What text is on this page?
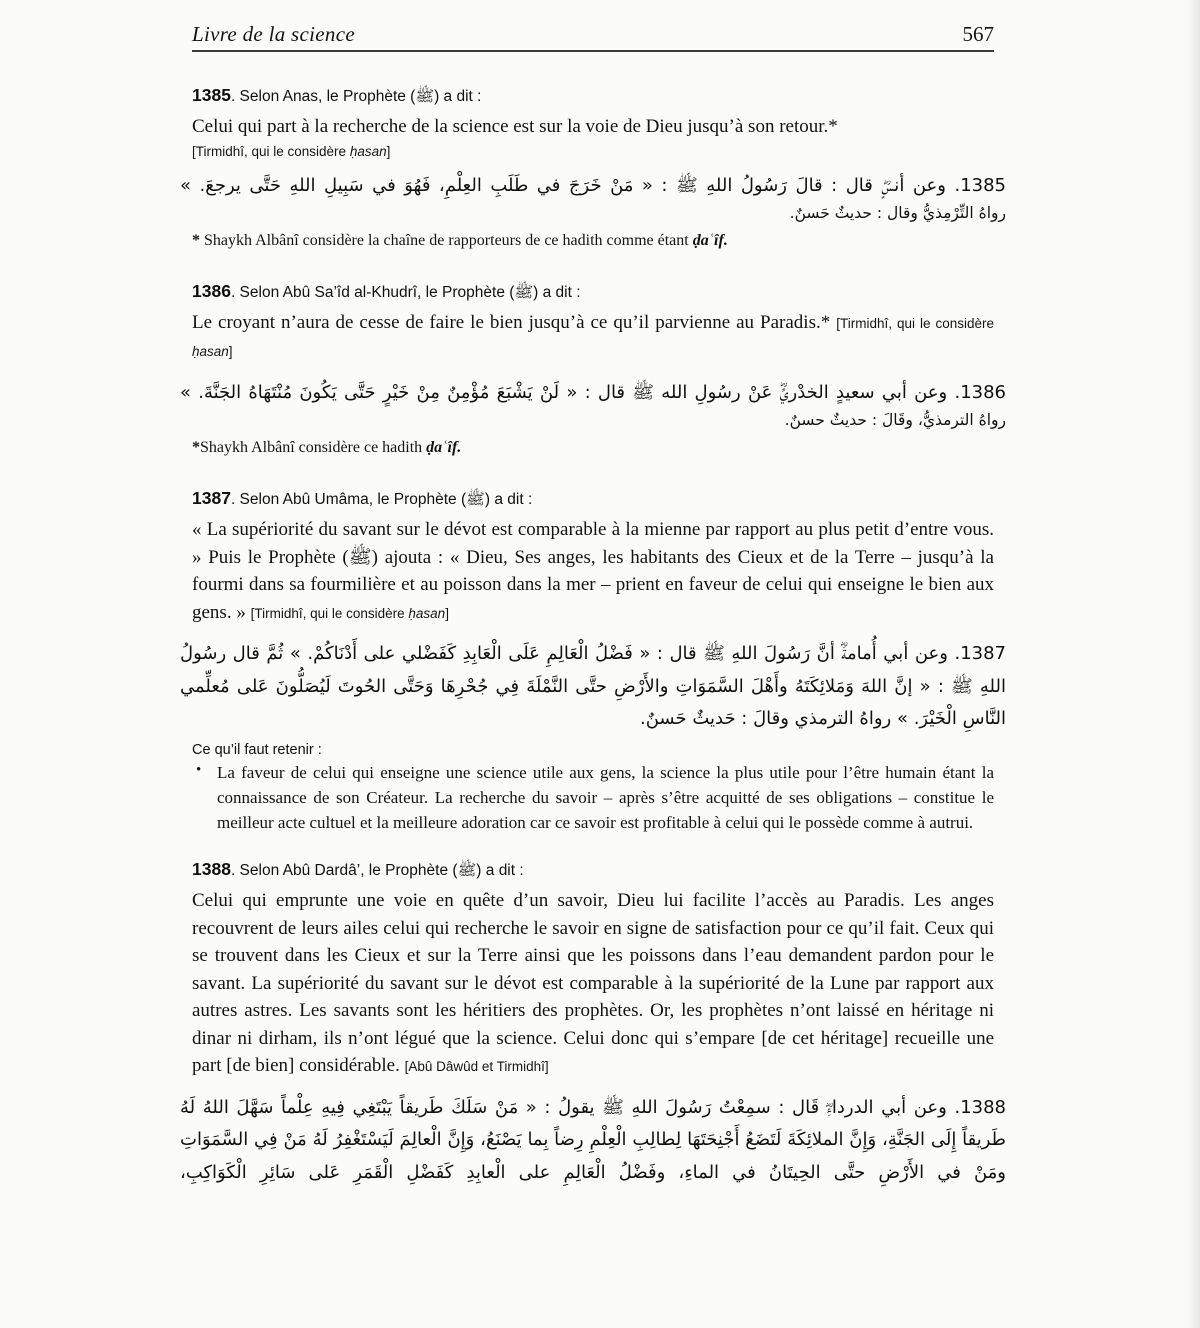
Livre de la science	567

1385. Selon Anas, le Prophète (ﷺ) a dit :

Celui qui part à la recherche de la science est sur la voie de Dieu jusqu’à son retour.*

[Tirmidhî, qui le considère ḥasan]

1385. وعن أنسٍؓ قال : قالَ رَسُولُ اللهِ ﷺ : « مَنْ خَرَجَ في طَلَبِ العِلْمِ، فَهُوَ في سَبِيلِ اللهِ حَتَّى يرجعَ. »

رواهُ التِّرْمِذيُّ وقال : حديثٌ حَسنٌ.

* Shaykh Albânî considère la chaîne de rapporteurs de ce hadith comme étant ḍaʿîf.

1386. Selon Abû Sa’îd al-Khudrî, le Prophète (ﷺ) a dit :

Le croyant n’aura de cesse de faire le bien jusqu’à ce qu’il parvienne au Paradis.* [Tirmidhî, qui le considère ḥasan]

1386. وعن أبي سعيدٍ الخدْريِّؓ عَنْ رسُولِ الله ﷺ قال : « لَنْ يَشْبَعَ مُؤْمِنٌ مِنْ خَيْرٍ حَتَّى يَكُونَ مُنْتَهَاهُ الجَنَّةَ. »

رواهُ الترمذيُّ، وقَالَ : حديثٌ حسنٌ.

*Shaykh Albânî considère ce hadith ḍaʿîf.

1387. Selon Abû Umâma, le Prophète (ﷺ) a dit :

« La supériorité du savant sur le dévot est comparable à la mienne par rapport au plus petit d’entre vous. » Puis le Prophète (ﷺ) ajouta : « Dieu, Ses anges, les habitants des Cieux et de la Terre – jusqu’à la fourmi dans sa fourmilière et au poisson dans la mer – prient en faveur de celui qui enseigne le bien aux gens. » [Tirmidhî, qui le considère ḥasan]

1387. وعن أبي أُمامةَؓ أنَّ رَسُولَ اللهِ ﷺ قال : « فَضْلُ الْعَالِمِ عَلَى الْعَابِدِ كَفَضْلي على أَدْنَاكُمْ. » ثُمَّ قال رسُولُ اللهِ ﷺ : « إنَّ اللهَ وَمَلائِكَتَهُ وأَهْلَ السَّمَوَاتِ والأَرْضِ حتَّى النَّمْلَةَ فِي جُحْرِهَا وَحَتَّى الحُوتَ لَيُصَلُّونَ عَلى مُعلِّمي النَّاسِ الْخَيْرَ. » رواهُ الترمذي وقالَ : حَديثٌ حَسنٌ.

Ce qu’il faut retenir :

• La faveur de celui qui enseigne une science utile aux gens, la science la plus utile pour l’être humain étant la connaissance de son Créateur. La recherche du savoir – après s’être acquitté de ses obligations – constitue le meilleur acte cultuel et la meilleure adoration car ce savoir est profitable à celui qui le possède comme à autrui.

1388. Selon Abû Dardâ’, le Prophète (ﷺ) a dit :

Celui qui emprunte une voie en quête d’un savoir, Dieu lui facilite l’accès au Paradis. Les anges recouvrent de leurs ailes celui qui recherche le savoir en signe de satisfaction pour ce qu’il fait. Ceux qui se trouvent dans les Cieux et sur la Terre ainsi que les poissons dans l’eau demandent pardon pour le savant. La supériorité du savant sur le dévot est comparable à la supériorité de la Lune par rapport aux autres astres. Les savants sont les héritiers des prophètes. Or, les prophètes n’ont laissé en héritage ni dinar ni dirham, ils n’ont légué que la science. Celui donc qui s’empare [de cet héritage] recueille une part [de bien] considérable. [Abû Dâwûd et Tirmidhî]

1388. وعن أبي الدرداءِؓ قَال : سمِعْتُ رَسُولَ اللهِ ﷺ يقولُ : « مَنْ سَلَكَ طَريقاً يَبْتَغِي فِيهِ عِلْماً سَهَّلَ اللهُ لَهُ طَريقاً إِلَى الجَنَّةِ، وَإِنَّ الملائِكَةَ لَتَضَعُ أَجْنِحَتَهَا لِطالِبِ الْعِلْمِ رِضاً بِما يَصْنَعُ، وَإِنَّ الْعالِمَ لَيَسْتَغْفِرُ لَهُ مَنْ فِي السَّمَوَاتِ ومَنْ في الأَرْضِ حتَّى الحِيتَانُ في الماءِ، وفَضْلُ الْعَالِمِ على الْعابِدِ كَفَضْلِ الْقَمَرِ عَلى سَائِرِ الْكَوَاكِبِ،
